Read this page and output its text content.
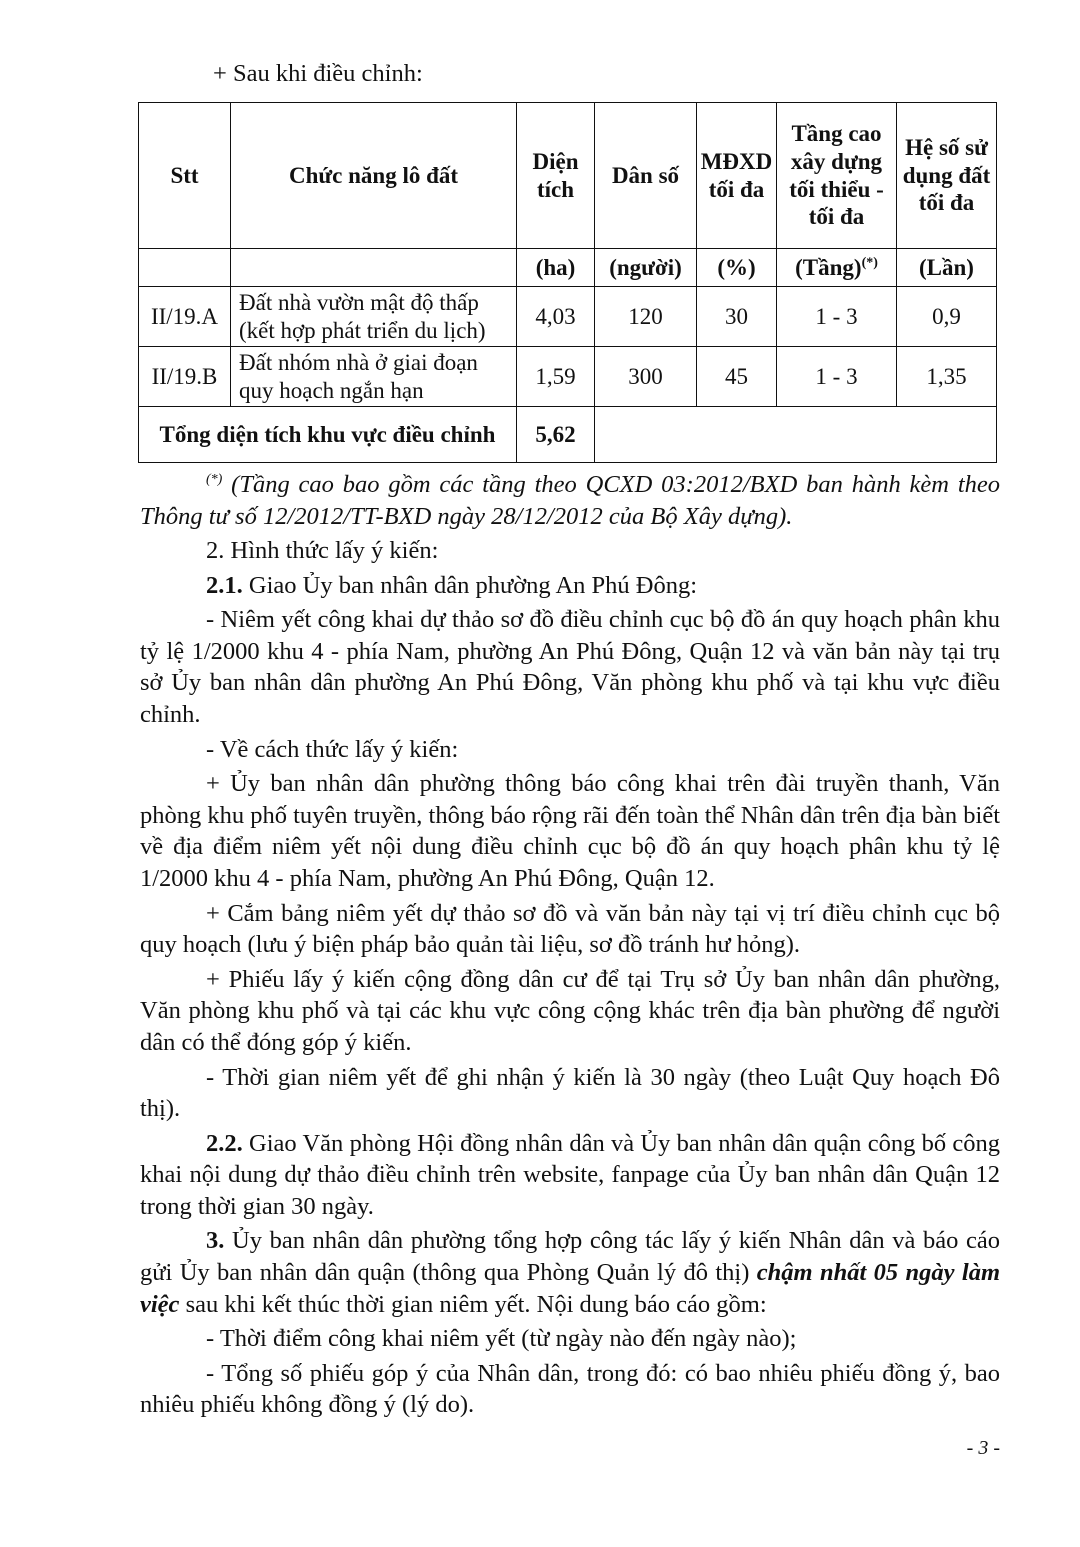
+ Sau khi điều chỉnh:

Stt	Chức năng lô đất	Diện tích	Dân số	MĐXD tối đa	Tầng cao xây dựng tối thiểu - tối đa	Hệ số sử dụng đất tối đa
		(ha)	(người)	(%)	(Tầng)(*)	(Lần)
II/19.A	Đất nhà vườn mật độ thấp (kết hợp phát triển du lịch)	4,03	120	30	1 - 3	0,9
II/19.B	Đất nhóm nhà ở giai đoạn quy hoạch ngắn hạn	1,59	300	45	1 - 3	1,35
Tổng diện tích khu vực điều chỉnh		5,62				

(*) (Tầng cao bao gồm các tầng theo QCXD 03:2012/BXD ban hành kèm theo Thông tư số 12/2012/TT-BXD ngày 28/12/2012 của Bộ Xây dựng).

2. Hình thức lấy ý kiến:

2.1. Giao Ủy ban nhân dân phường An Phú Đông:

- Niêm yết công khai dự thảo sơ đồ điều chỉnh cục bộ đồ án quy hoạch phân khu tỷ lệ 1/2000 khu 4 - phía Nam, phường An Phú Đông, Quận 12 và văn bản này tại trụ sở Ủy ban nhân dân phường An Phú Đông, Văn phòng khu phố và tại khu vực điều chỉnh.

- Về cách thức lấy ý kiến:

+ Ủy ban nhân dân phường thông báo công khai trên đài truyền thanh, Văn phòng khu phố tuyên truyền, thông báo rộng rãi đến toàn thể Nhân dân trên địa bàn biết về địa điểm niêm yết nội dung điều chỉnh cục bộ đồ án quy hoạch phân khu tỷ lệ 1/2000 khu 4 - phía Nam, phường An Phú Đông, Quận 12.

+ Cắm bảng niêm yết dự thảo sơ đồ và văn bản này tại vị trí điều chỉnh cục bộ quy hoạch (lưu ý biện pháp bảo quản tài liệu, sơ đồ tránh hư hỏng).

+ Phiếu lấy ý kiến cộng đồng dân cư để tại Trụ sở Ủy ban nhân dân phường, Văn phòng khu phố và tại các khu vực công cộng khác trên địa bàn phường để người dân có thể đóng góp ý kiến.

- Thời gian niêm yết để ghi nhận ý kiến là 30 ngày (theo Luật Quy hoạch Đô thị).

2.2. Giao Văn phòng Hội đồng nhân dân và Ủy ban nhân dân quận công bố công khai nội dung dự thảo điều chỉnh trên website, fanpage của Ủy ban nhân dân Quận 12 trong thời gian 30 ngày.

3. Ủy ban nhân dân phường tổng hợp công tác lấy ý kiến Nhân dân và báo cáo gửi Ủy ban nhân dân quận (thông qua Phòng Quản lý đô thị) chậm nhất 05 ngày làm việc sau khi kết thúc thời gian niêm yết. Nội dung báo cáo gồm:

- Thời điểm công khai niêm yết (từ ngày nào đến ngày nào);

- Tổng số phiếu góp ý của Nhân dân, trong đó: có bao nhiêu phiếu đồng ý, bao nhiêu phiếu không đồng ý (lý do).

- 3 -
